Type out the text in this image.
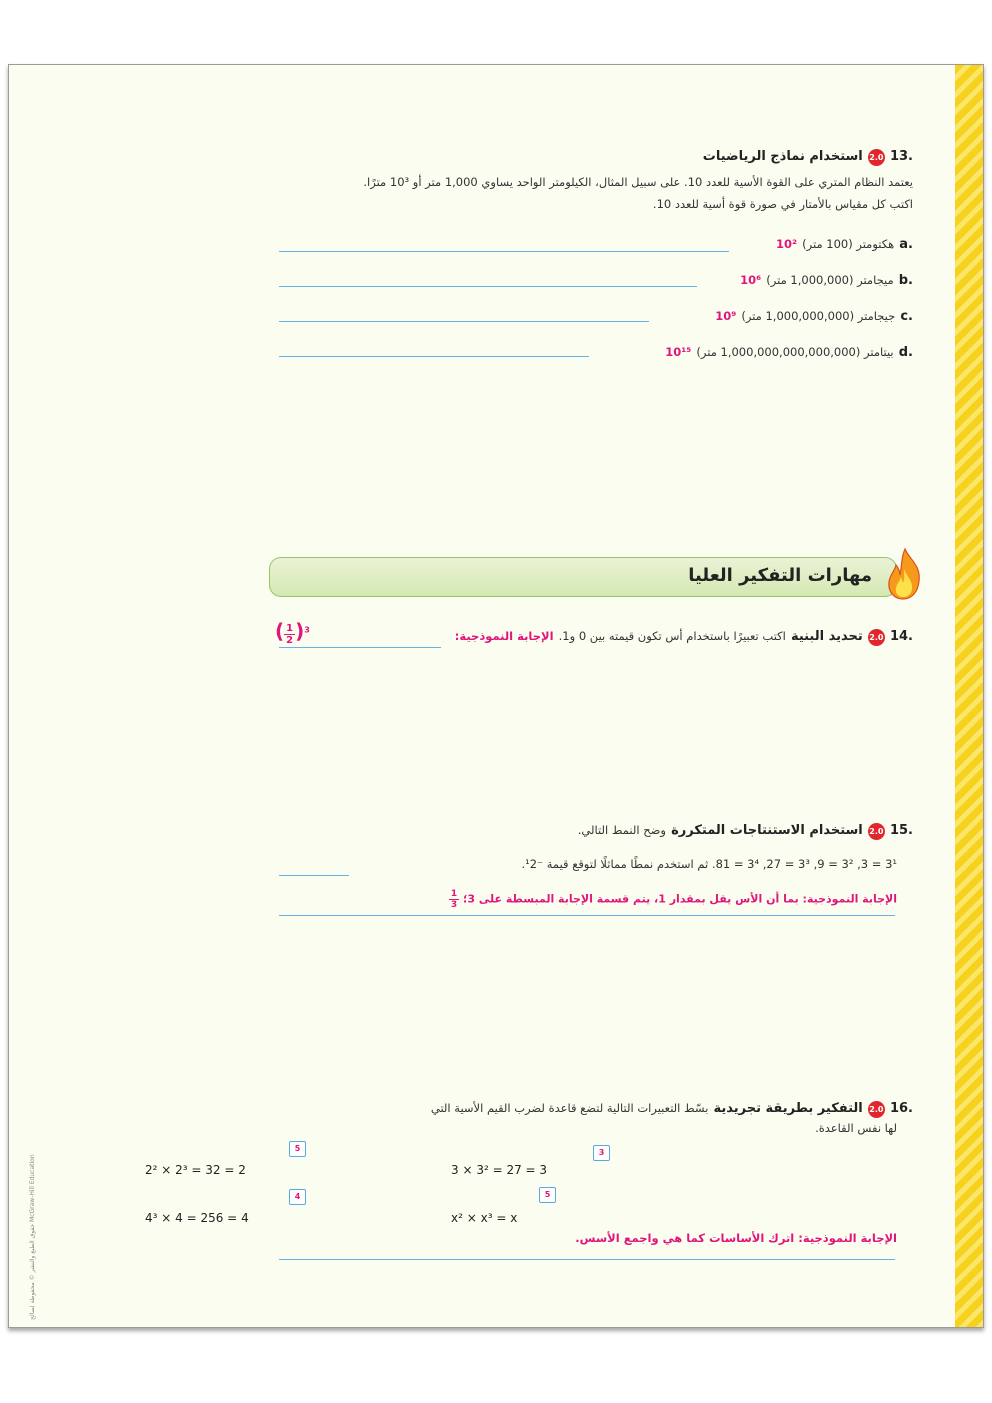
.13 2.0 استخدام نماذج الرياضيات
يعتمد النظام المتري على القوة الأسية للعدد 10. على سبيل المثال، الكيلومتر الواحد يساوي 1,000 متر أو 10³ مترًا.
اكتب كل مقياس بالأمتار في صورة قوة أسية للعدد 10.
.a هكتومتر (100 متر) 10²
.b ميجامتر (1,000,000 متر) 10⁶
.c جيجامتر (1,000,000,000 متر) 10⁹
.d بيتامتر (1,000,000,000,000,000 متر) 10¹⁵
مهارات التفكير العليا
.14 2.0 تحديد البنية اكتب تعبيرًا باستخدام أس تكون قيمته بين 0 و1. الإجابة النموذجية:
$(\frac{1}{2})^3$
.15 2.0 استخدام الاستنتاجات المتكررة وضح النمط التالي.
3¹ = 3, 3² = 9, 3³ = 27, 3⁴ = 81. ثم استخدم نمطًا مماثلًا لتوقع قيمة ⁻¹2.
الإجابة النموذجية: بما أن الأس يقل بمقدار 1، يتم قسمة الإجابة المبسطة على 3؛ $\frac{1}{3}$
.16 2.0 التفكير بطريقة تجريدية بسّط التعبيرات التالية لتضع قاعدة لضرب القيم الأسية التي
لها نفس القاعدة.
2² × 2³ = 32 = 2
5
3 × 3² = 27 = 3
3
4³ × 4 = 256 = 4
4
x² × x³ = x
5
الإجابة النموذجية: اترك الأساسات كما هي واجمع الأسس.
حقوق الطبع والنشر © محفوظة لصالح McGraw-Hill Education
